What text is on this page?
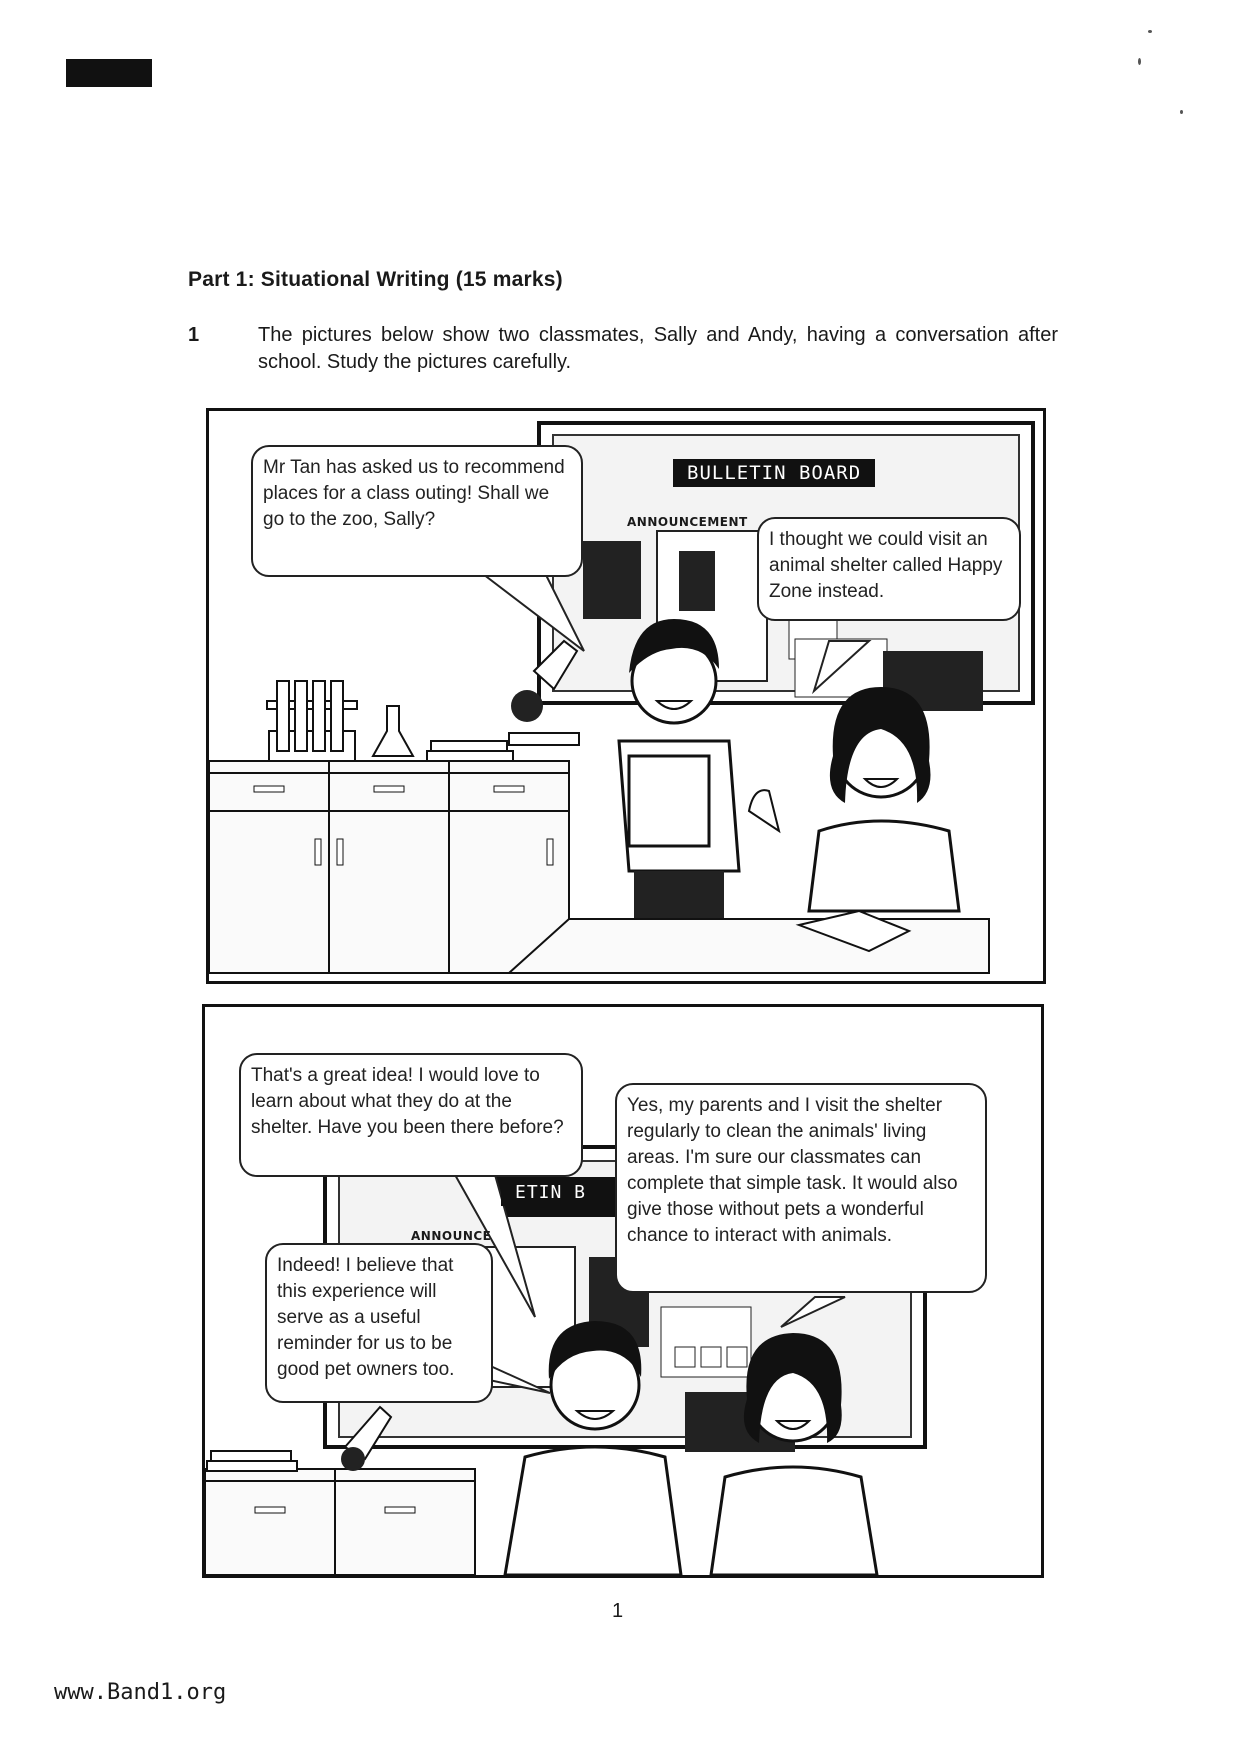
Part 1: Situational Writing (15 marks)
1	The pictures below show two classmates, Sally and Andy, having a conversation after school. Study the pictures carefully.
BULLETIN BOARD
ANNOUNCEMENT
Mr Tan has asked us to recommend places for a class outing! Shall we go to the zoo, Sally?
I thought we could visit an animal shelter called Happy Zone instead.
ETIN B
ANNOUNCE
That's a great idea! I would love to learn about what they do at the shelter. Have you been there before?
Yes, my parents and I visit the shelter regularly to clean the animals' living areas. I'm sure our classmates can complete that simple task. It would also give those without pets a wonderful chance to interact with animals.
Indeed! I believe that this experience will serve as a useful reminder for us to be good pet owners too.
1
www.Band1.org
